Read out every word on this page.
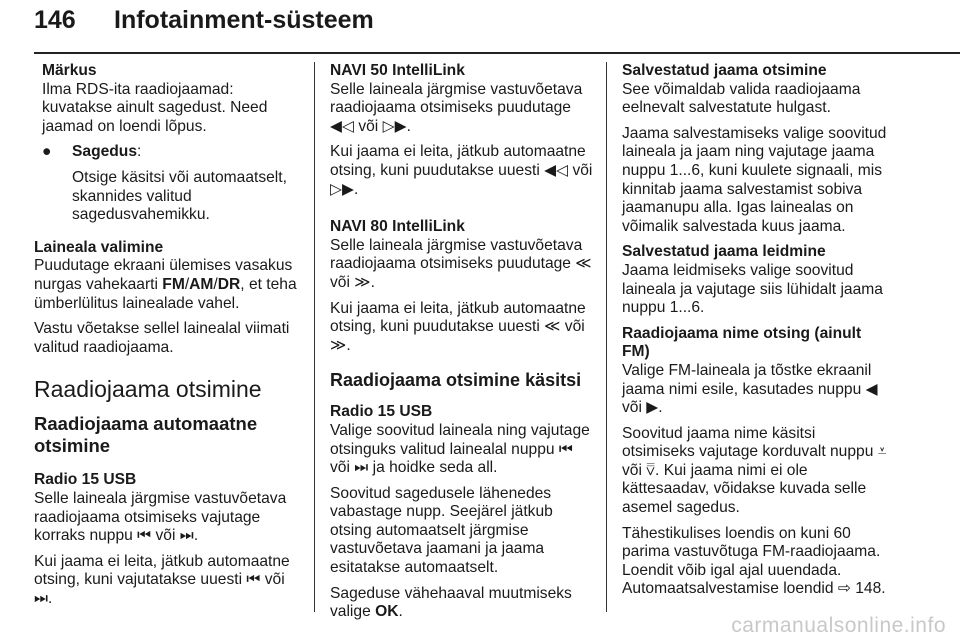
146 Infotainment-süsteem
Märkus
Ilma RDS-ita raadiojaamad: kuvatakse ainult sagedust. Need jaamad on loendi lõpus.
●	Sagedus:
Otsige käsitsi või automaatselt, skannides valitud sagedusvahemikku.
Laineala valimine

Puudutage ekraani ülemises vasakus nurgas vahekaarti FM/AM/DR, et teha ümberlülitus lainealade vahel.

Vastu võetakse sellel lainealal viimati valitud raadiojaama.

Raadiojaama otsimine
Raadiojaama automaatne otsimine
Radio 15 USB

Selle laineala järgmise vastuvõetava raadiojaama otsimiseks vajutage korraks nuppu ⏮ või ⏭.

Kui jaama ei leita, jätkub automaatne otsing, kuni vajutatakse uuesti ⏮ või ⏭.

NAVI 50 IntelliLink

Selle laineala järgmise vastuvõetava raadiojaama otsimiseks puudutage ◀◁ või ▷▶.

Kui jaama ei leita, jätkub automaatne otsing, kuni puudutakse uuesti ◀◁ või ▷▶.

NAVI 80 IntelliLink

Selle laineala järgmise vastuvõetava raadiojaama otsimiseks puudutage ≪ või ≫.

Kui jaama ei leita, jätkub automaatne otsing, kuni puudutakse uuesti ≪ või ≫.

Raadiojaama otsimine käsitsi
Radio 15 USB

Valige soovitud laineala ning vajutage otsinguks valitud lainealal nuppu ⏮ või ⏭ ja hoidke seda all.

Soovitud sagedusele lähenedes vabastage nupp. Seejärel jätkub otsing automaatselt järgmise vastuvõetava jaamani ja jaama esitatakse automaatselt.

Sageduse vähehaaval muutmiseks valige OK.

Salvestatud jaama otsimine

See võimaldab valida raadiojaama eelnevalt salvestatute hulgast.

Jaama salvestamiseks valige soovitud laineala ja jaam ning vajutage jaama nuppu 1...6, kuni kuulete signaali, mis kinnitab jaama salvestamist sobiva jaamanupu alla. Igas lainealas on võimalik salvestada kuus jaama.

Salvestatud jaama leidmine

Jaama leidmiseks valige soovitud laineala ja vajutage siis lühidalt jaama nuppu 1...6.

Raadiojaama nime otsing (ainult FM)

Valige FM-laineala ja tõstke ekraanil jaama nimi esile, kasutades nuppu ◀ või ▶.

Soovitud jaama nime käsitsi otsimiseks vajutage korduvalt nuppu ⩡ või ⩢. Kui jaama nimi ei ole kättesaadav, võidakse kuvada selle asemel sagedus.

Tähestikulises loendis on kuni 60 parima vastuvõtuga FM-raadiojaama. Loendit võib igal ajal uuendada. Automaatsalvestamise loendid ⇨ 148.

carmanualsonline.info
